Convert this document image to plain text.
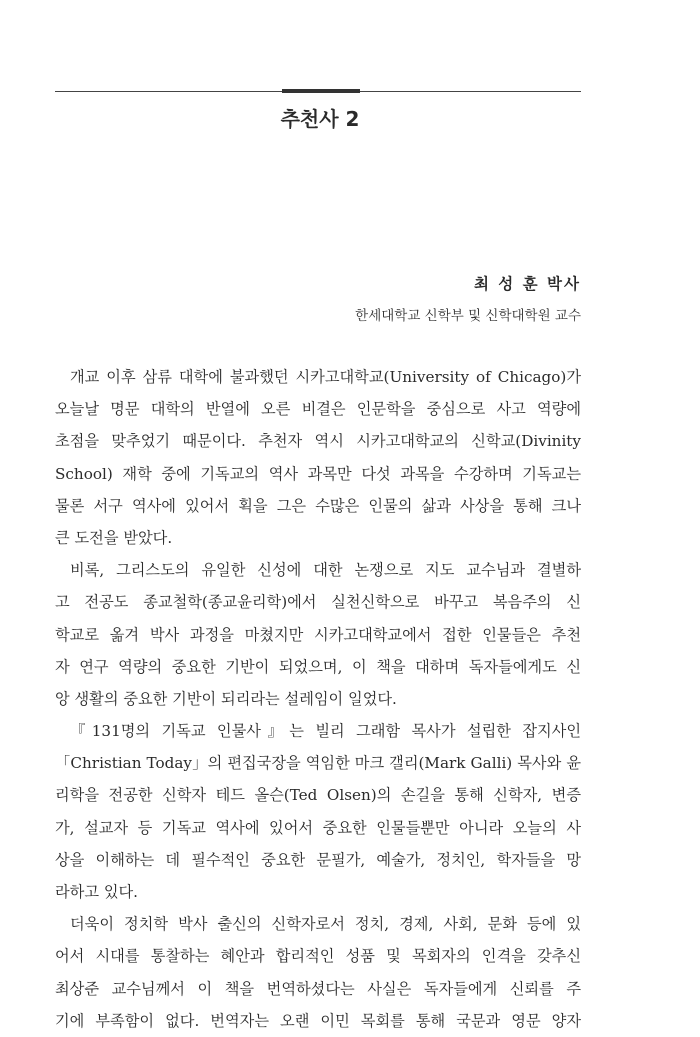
추천사 2
최 성 훈 박사
한세대학교 신학부 및 신학대학원 교수

개교 이후 삼류 대학에 불과했던 시카고대학교(University of Chicago)가
오늘날 명문 대학의 반열에 오른 비결은 인문학을 중심으로 사고 역량에
초점을 맞추었기 때문이다. 추천자 역시 시카고대학교의 신학교(Divinity
School) 재학 중에 기독교의 역사 과목만 다섯 과목을 수강하며 기독교는
물론 서구 역사에 있어서 획을 그은 수많은 인물의 삶과 사상을 통해 크나
큰 도전을 받았다.

비록, 그리스도의 유일한 신성에 대한 논쟁으로 지도 교수님과 결별하
고 전공도 종교철학(종교윤리학)에서 실천신학으로 바꾸고 복음주의 신
학교로 옮겨 박사 과정을 마쳤지만 시카고대학교에서 접한 인물들은 추천
자 연구 역량의 중요한 기반이 되었으며, 이 책을 대하며 독자들에게도 신
앙 생활의 중요한 기반이 되리라는 설레임이 일었다.

『131명의 기독교 인물사』는 빌리 그래함 목사가 설립한 잡지사인
「Christian Today」의 편집국장을 역임한 마크 갤리(Mark Galli) 목사와 윤
리학을 전공한 신학자 테드 올슨(Ted Olsen)의 손길을 통해 신학자, 변증
가, 설교자 등 기독교 역사에 있어서 중요한 인물들뿐만 아니라 오늘의 사
상을 이해하는 데 필수적인 중요한 문필가, 예술가, 정치인, 학자들을 망
라하고 있다.

더욱이 정치학 박사 출신의 신학자로서 정치, 경제, 사회, 문화 등에 있
어서 시대를 통찰하는 혜안과 합리적인 성품 및 목회자의 인격을 갖추신
최상준 교수님께서 이 책을 번역하셨다는 사실은 독자들에게 신뢰를 주
기에 부족함이 없다. 번역자는 오랜 이민 목회를 통해 국문과 영문 양자
